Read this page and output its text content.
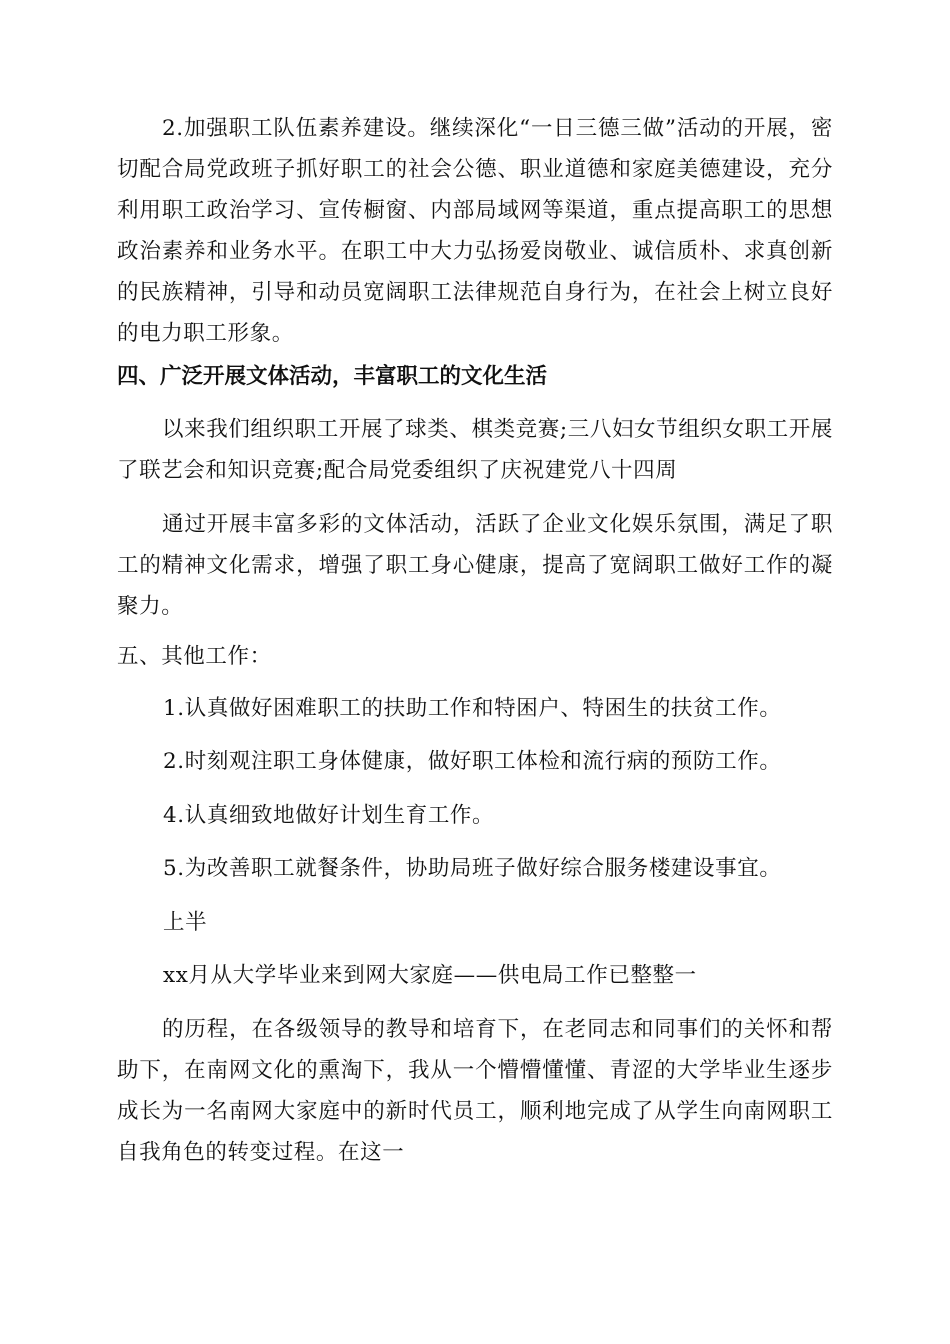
2.加强职工队伍素养建设。继续深化“一日三德三做”活动的开展，密切配合局党政班子抓好职工的社会公德、职业道德和家庭美德建设，充分利用职工政治学习、宣传橱窗、内部局域网等渠道，重点提高职工的思想政治素养和业务水平。在职工中大力弘扬爱岗敬业、诚信质朴、求真创新的民族精神，引导和动员宽阔职工法律规范自身行为，在社会上树立良好的电力职工形象。

四、广泛开展文体活动，丰富职工的文化生活

以来我们组织职工开展了球类、棋类竞赛;三八妇女节组织女职工开展了联艺会和知识竞赛;配合局党委组织了庆祝建党八十四周

通过开展丰富多彩的文体活动，活跃了企业文化娱乐氛围，满足了职工的精神文化需求，增强了职工身心健康，提高了宽阔职工做好工作的凝聚力。

五、其他工作：

1.认真做好困难职工的扶助工作和特困户、特困生的扶贫工作。

2.时刻观注职工身体健康，做好职工体检和流行病的预防工作。

4.认真细致地做好计划生育工作。

5.为改善职工就餐条件，协助局班子做好综合服务楼建设事宜。

上半

xx月从大学毕业来到网大家庭——供电局工作已整整一

的历程，在各级领导的教导和培育下，在老同志和同事们的关怀和帮助下，在南网文化的熏淘下，我从一个懵懵懂懂、青涩的大学毕业生逐步成长为一名南网大家庭中的新时代员工，顺利地完成了从学生向南网职工自我角色的转变过程。在这一
